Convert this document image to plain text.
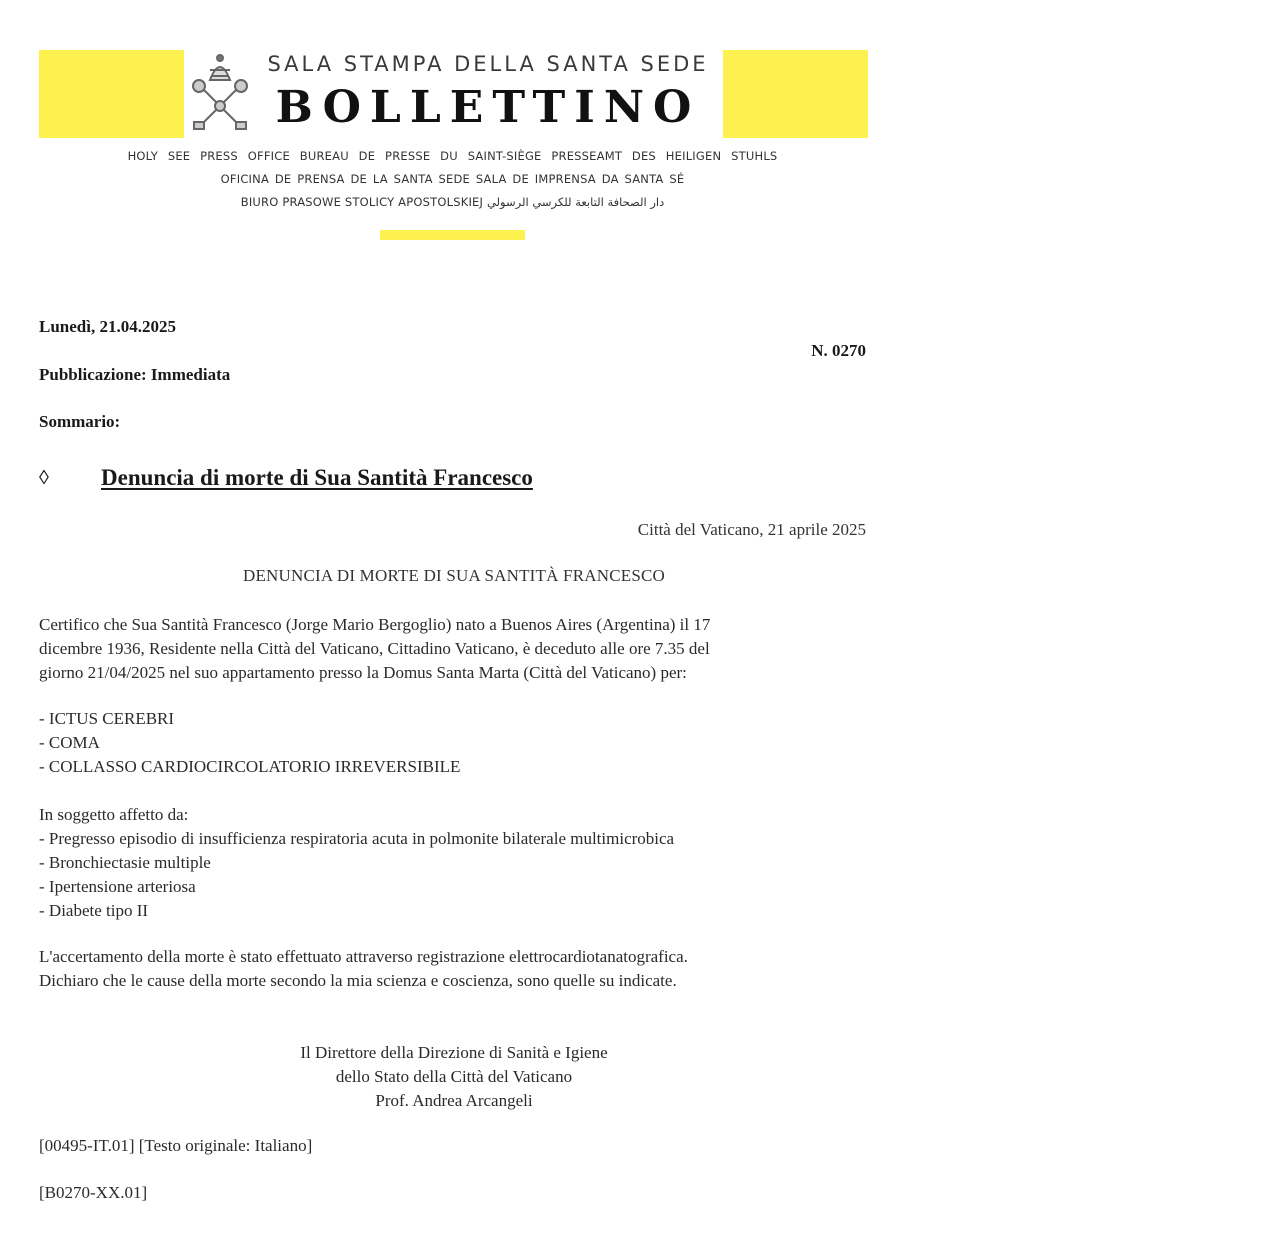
SALA STAMPA DELLA SANTA SEDE
BOLLETTINO
HOLY SEE PRESS OFFICE BUREAU DE PRESSE DU SAINT-SIÈGE PRESSEAMT DES HEILIGEN STUHLS
OFICINA DE PRENSA DE LA SANTA SEDE SALA DE IMPRENSA DA SANTA SÉ
BIURO PRASOWE STOLICY APOSTOLSKIEJ دار الصحافة التابعة للكرسي الرسولي
Lunedì, 21.04.2025
N. 0270
Pubblicazione: Immediata
Sommario:
◊ Denuncia di morte di Sua Santità Francesco
Città del Vaticano, 21 aprile 2025
DENUNCIA DI MORTE DI SUA SANTITÀ FRANCESCO
Certifico che Sua Santità Francesco (Jorge Mario Bergoglio) nato a Buenos Aires (Argentina) il 17
dicembre 1936, Residente nella Città del Vaticano, Cittadino Vaticano, è deceduto alle ore 7.35 del
giorno 21/04/2025 nel suo appartamento presso la Domus Santa Marta (Città del Vaticano) per:
- ICTUS CEREBRI
- COMA
- COLLASSO CARDIOCIRCOLATORIO IRREVERSIBILE
In soggetto affetto da:
- Pregresso episodio di insufficienza respiratoria acuta in polmonite bilaterale multimicrobica
- Bronchiectasie multiple
- Ipertensione arteriosa
- Diabete tipo II
L'accertamento della morte è stato effettuato attraverso registrazione elettrocardiotanatografica.
Dichiaro che le cause della morte secondo la mia scienza e coscienza, sono quelle su indicate.
Il Direttore della Direzione di Sanità e Igiene
dello Stato della Città del Vaticano
Prof. Andrea Arcangeli
[00495-IT.01] [Testo originale: Italiano]
[B0270-XX.01]
